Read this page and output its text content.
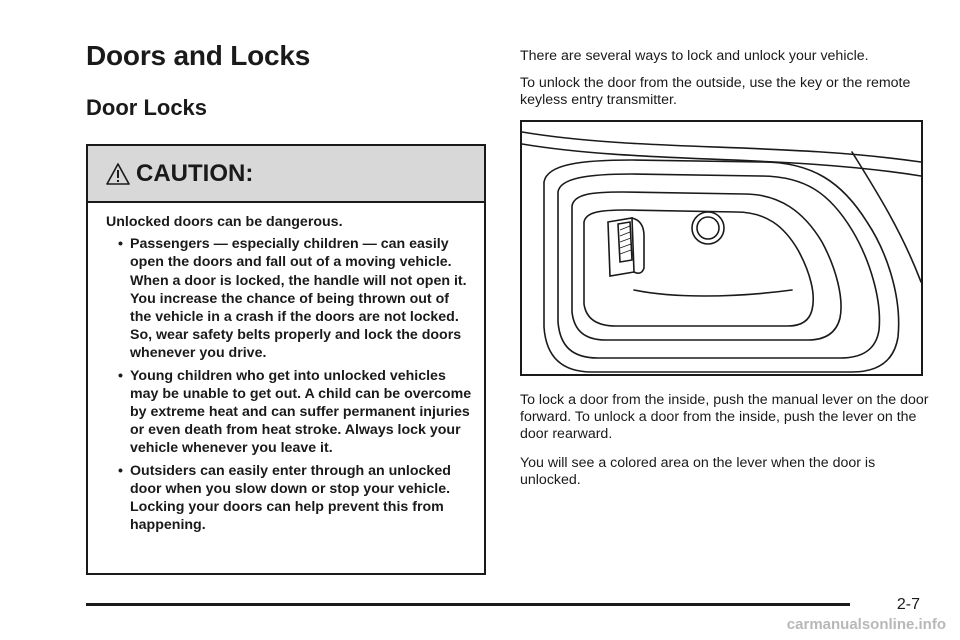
Doors and Locks
Door Locks
CAUTION:

Unlocked doors can be dangerous.

• Passengers — especially children — can easily open the doors and fall out of a moving vehicle. When a door is locked, the handle will not open it. You increase the chance of being thrown out of the vehicle in a crash if the doors are not locked. So, wear safety belts properly and lock the doors whenever you drive.
• Young children who get into unlocked vehicles may be unable to get out. A child can be overcome by extreme heat and can suffer permanent injuries or even death from heat stroke. Always lock your vehicle whenever you leave it.
• Outsiders can easily enter through an unlocked door when you slow down or stop your vehicle. Locking your doors can help prevent this from happening.

There are several ways to lock and unlock your vehicle.

To unlock the door from the outside, use the key or the remote keyless entry transmitter.

To lock a door from the inside, push the manual lever on the door forward. To unlock a door from the inside, push the lever on the door rearward.

You will see a colored area on the lever when the door is unlocked.

2-7
carmanualsonline.info
